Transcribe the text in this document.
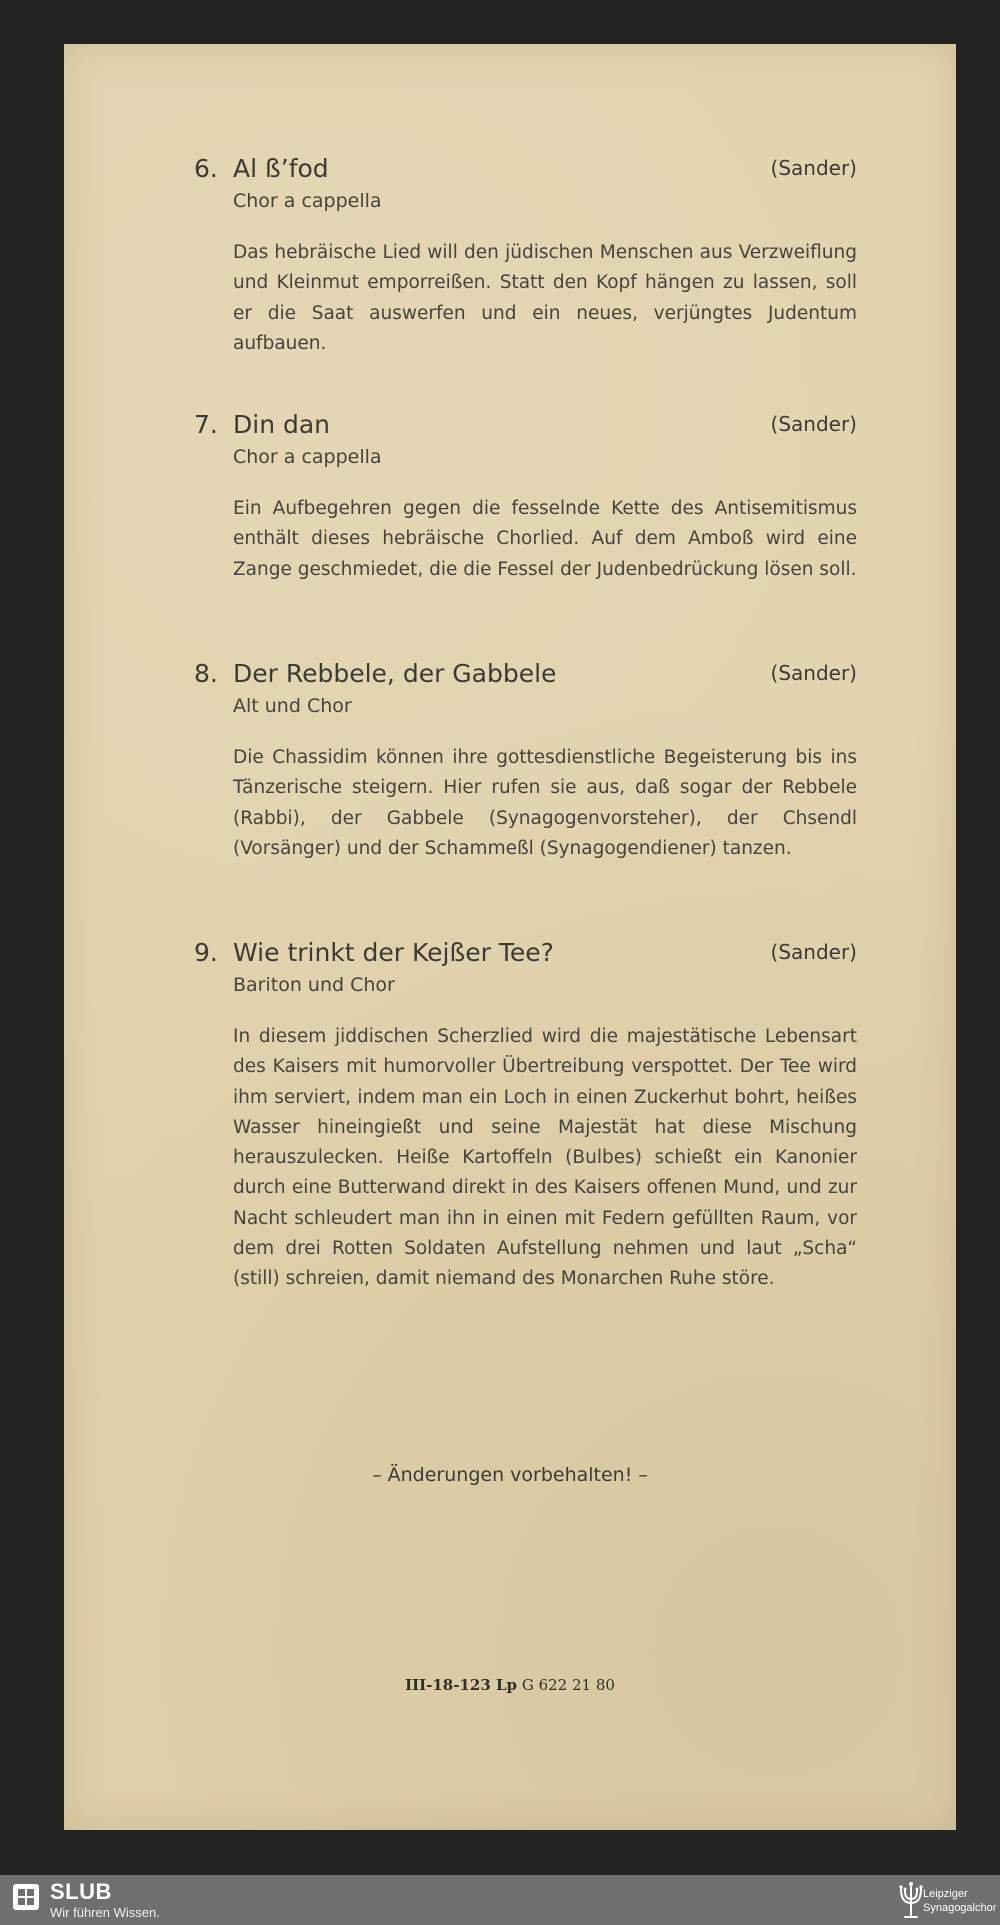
6. Al ß’fod	(Sander)
Chor a cappella

Das hebräische Lied will den jüdischen Menschen aus Verzweiflung und Kleinmut emporreißen. Statt den Kopf hängen zu lassen, soll er die Saat auswerfen und ein neues, verjüngtes Judentum aufbauen.

7. Din dan	(Sander)
Chor a cappella

Ein Aufbegehren gegen die fesselnde Kette des Antisemitismus enthält dieses hebräische Chorlied. Auf dem Amboß wird eine Zange geschmiedet, die die Fessel der Judenbedrückung lösen soll.

8. Der Rebbele, der Gabbele	(Sander)
Alt und Chor

Die Chassidim können ihre gottesdienstliche Begeisterung bis ins Tänzerische steigern. Hier rufen sie aus, daß sogar der Rebbele (Rabbi), der Gabbele (Synagogenvorsteher), der Chsendl (Vorsänger) und der Schammeßl (Synagogendiener) tanzen.

9. Wie trinkt der Kejßer Tee?	(Sander)
Bariton und Chor

In diesem jiddischen Scherzlied wird die majestätische Lebensart des Kaisers mit humorvoller Übertreibung verspottet. Der Tee wird ihm serviert, indem man ein Loch in einen Zuckerhut bohrt, heißes Wasser hineingießt und seine Majestät hat diese Mischung herauszulecken. Heiße Kartoffeln (Bulbes) schießt ein Kanonier durch eine Butterwand direkt in des Kaisers offenen Mund, und zur Nacht schleudert man ihn in einen mit Federn gefüllten Raum, vor dem drei Rotten Soldaten Aufstellung nehmen und laut „Scha“ (still) schreien, damit niemand des Monarchen Ruhe störe.

– Änderungen vorbehalten! –
III-18-123 Lp G 622 21 80
SLUB
Wir führen Wissen.
Leipziger
Synagogalchor
